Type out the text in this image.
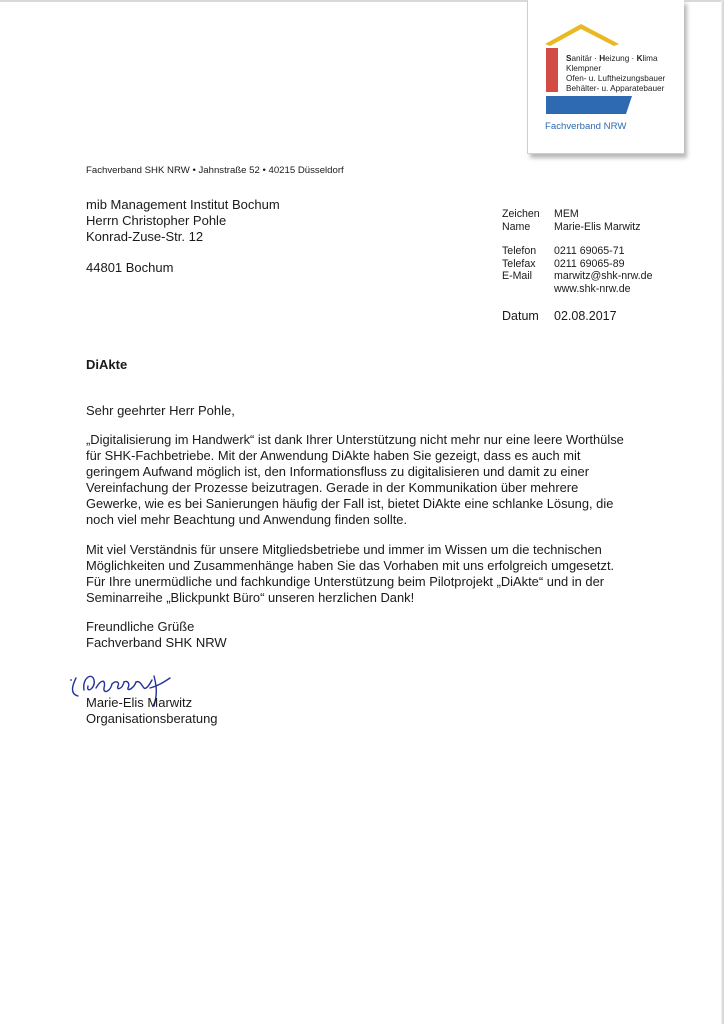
Sanitär · Heizung · Klima
Klempner
Ofen- u. Luftheizungsbauer
Behälter- u. Apparatebauer
Fachverband NRW
Fachverband SHK NRW • Jahnstraße 52 • 40215 Düsseldorf
mib Management Institut Bochum
Herrn Christopher Pohle
Konrad-Zuse-Str. 12
44801 Bochum
Zeichen MEM
Name Marie-Elis Marwitz
Telefon 0211 69065-71
Telefax 0211 69065-89
E-Mail marwitz@shk-nrw.de
www.shk-nrw.de
Datum 02.08.2017
DiAkte
Sehr geehrter Herr Pohle,
„Digitalisierung im Handwerk“ ist dank Ihrer Unterstützung nicht mehr nur eine leere Worthülse
für SHK-Fachbetriebe. Mit der Anwendung DiAkte haben Sie gezeigt, dass es auch mit
geringem Aufwand möglich ist, den Informationsfluss zu digitalisieren und damit zu einer
Vereinfachung der Prozesse beizutragen. Gerade in der Kommunikation über mehrere
Gewerke, wie es bei Sanierungen häufig der Fall ist, bietet DiAkte eine schlanke Lösung, die
noch viel mehr Beachtung und Anwendung finden sollte.
Mit viel Verständnis für unsere Mitgliedsbetriebe und immer im Wissen um die technischen
Möglichkeiten und Zusammenhänge haben Sie das Vorhaben mit uns erfolgreich umgesetzt.
Für Ihre unermüdliche und fachkundige Unterstützung beim Pilotprojekt „DiAkte“ und in der
Seminarreihe „Blickpunkt Büro“ unseren herzlichen Dank!
Freundliche Grüße
Fachverband SHK NRW
Marie-Elis Marwitz
Organisationsberatung
